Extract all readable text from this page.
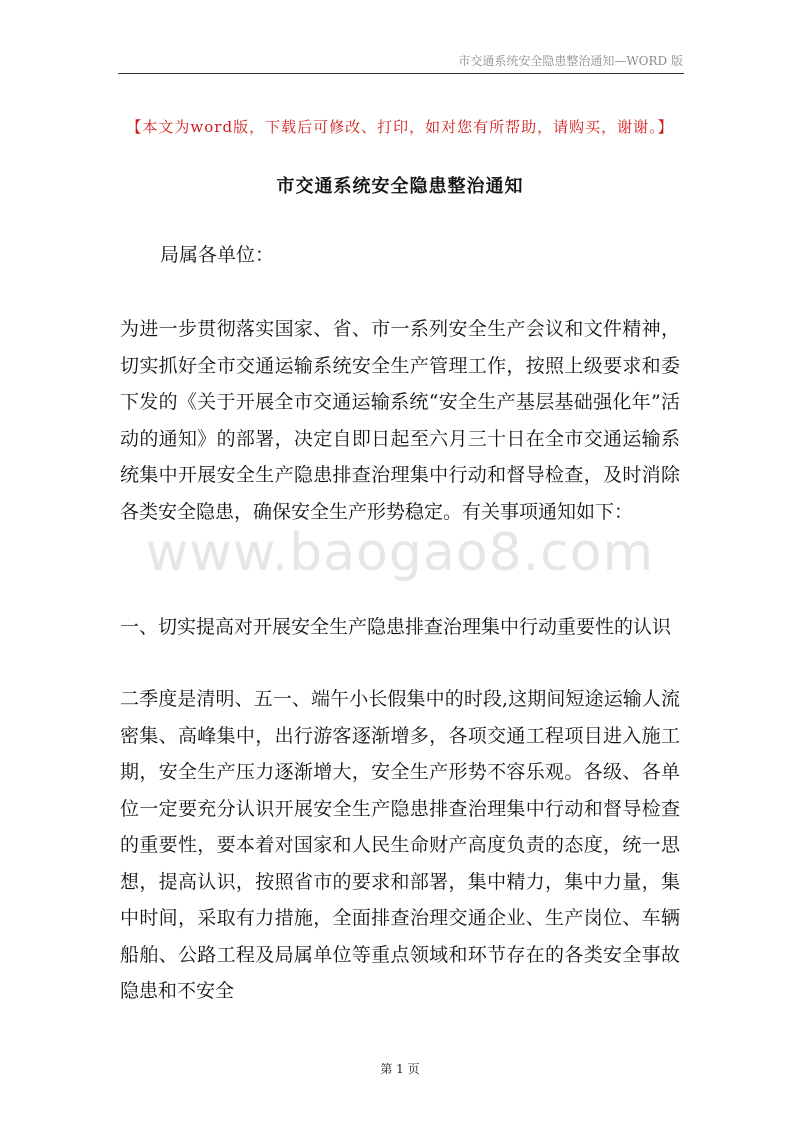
市交通系统安全隐患整治通知—WORD 版
【本文为word版，下载后可修改、打印，如对您有所帮助，请购买，谢谢。】
市交通系统安全隐患整治通知
局属各单位：
为进一步贯彻落实国家、省、市一系列安全生产会议和文件精神，切实抓好全市交通运输系统安全生产管理工作，按照上级要求和委下发的《关于开展全市交通运输系统“安全生产基层基础强化年”活动的通知》的部署，决定自即日起至六月三十日在全市交通运输系统集中开展安全生产隐患排查治理集中行动和督导检查，及时消除各类安全隐患，确保安全生产形势稳定。有关事项通知如下：
www.baogao8.com
一、切实提高对开展安全生产隐患排查治理集中行动重要性的认识
二季度是清明、五一、端午小长假集中的时段,这期间短途运输人流密集、高峰集中，出行游客逐渐增多，各项交通工程项目进入施工期，安全生产压力逐渐增大，安全生产形势不容乐观。各级、各单位一定要充分认识开展安全生产隐患排查治理集中行动和督导检查的重要性，要本着对国家和人民生命财产高度负责的态度，统一思想，提高认识，按照省市的要求和部署，集中精力，集中力量，集中时间，采取有力措施，全面排查治理交通企业、生产岗位、车辆船舶、公路工程及局属单位等重点领域和环节存在的各类安全事故隐患和不安全
第 1 页
